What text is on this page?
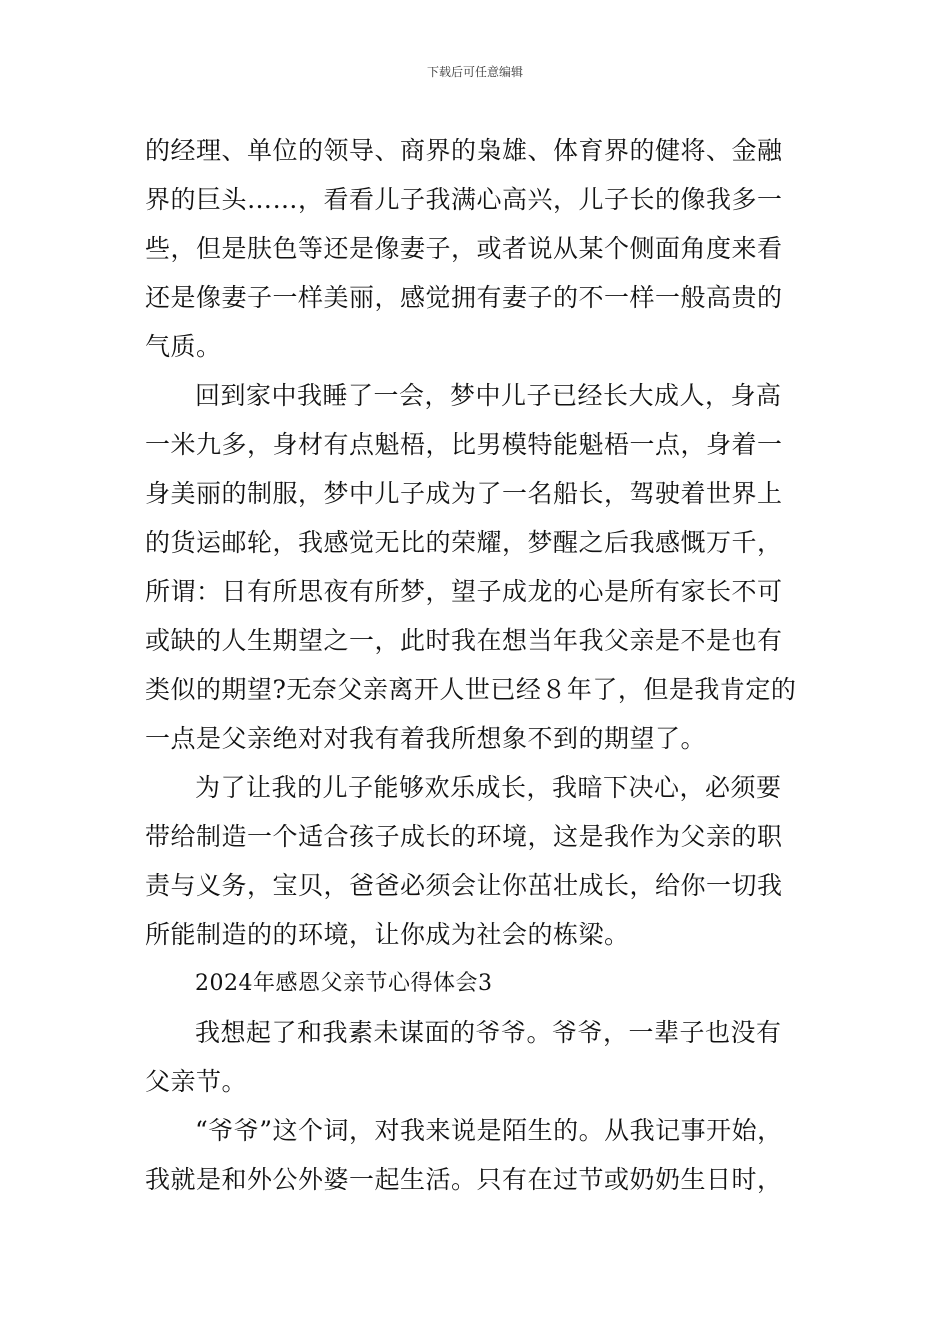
下载后可任意编辑
的经理、单位的领导、商界的枭雄、体育界的健将、金融
界的巨头……，看看儿子我满心高兴，儿子长的像我多一
些，但是肤色等还是像妻子，或者说从某个侧面角度来看
还是像妻子一样美丽，感觉拥有妻子的不一样一般高贵的
气质。
回到家中我睡了一会，梦中儿子已经长大成人，身高
一米九多，身材有点魁梧，比男模特能魁梧一点，身着一
身美丽的制服，梦中儿子成为了一名船长，驾驶着世界上
的货运邮轮，我感觉无比的荣耀，梦醒之后我感慨万千，
所谓：日有所思夜有所梦，望子成龙的心是所有家长不可
或缺的人生期望之一，此时我在想当年我父亲是不是也有
类似的期望?无奈父亲离开人世已经８年了，但是我肯定的
一点是父亲绝对对我有着我所想象不到的期望了。
为了让我的儿子能够欢乐成长，我暗下决心，必须要
带给制造一个适合孩子成长的环境，这是我作为父亲的职
责与义务，宝贝，爸爸必须会让你茁壮成长，给你一切我
所能制造的的环境，让你成为社会的栋梁。
2024年感恩父亲节心得体会3
我想起了和我素未谋面的爷爷。爷爷，一辈子也没有
父亲节。
“爷爷”这个词，对我来说是陌生的。从我记事开始，
我就是和外公外婆一起生活。只有在过节或奶奶生日时，
